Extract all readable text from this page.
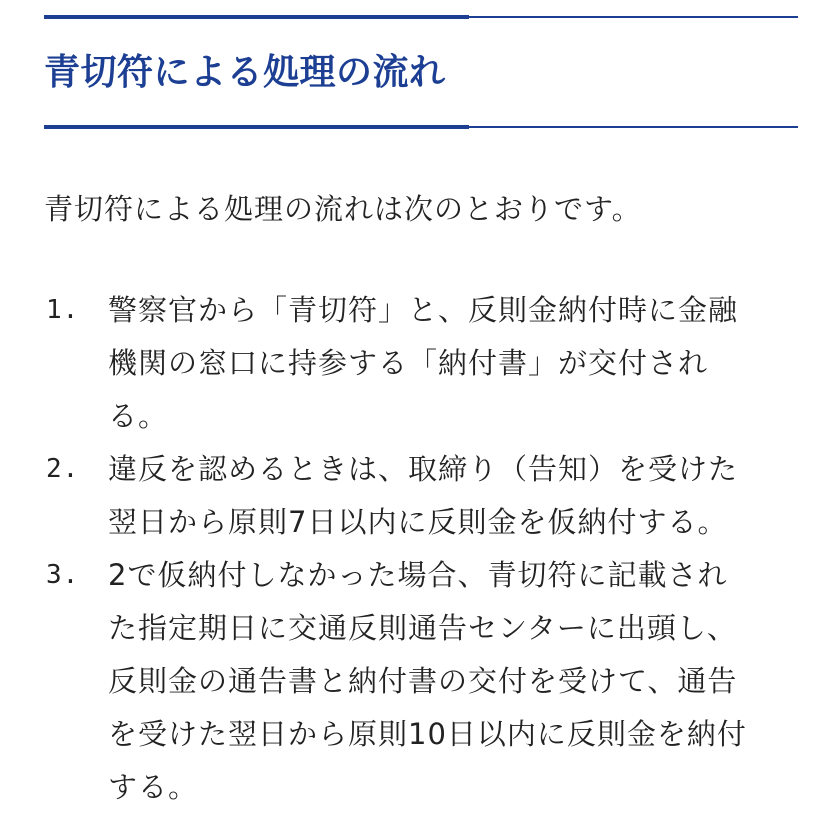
青切符による処理の流れ

青切符による処理の流れは次のとおりです。

1. 警察官から「青切符」と、反則金納付時に金融
機関の窓口に持参する「納付書」が交付され
る。
2. 違反を認めるときは、取締り（告知）を受けた
翌日から原則7日以内に反則金を仮納付する。
3. 2で仮納付しなかった場合、青切符に記載され
た指定期日に交通反則通告センターに出頭し、
反則金の通告書と納付書の交付を受けて、通告
を受けた翌日から原則10日以内に反則金を納付
する。
